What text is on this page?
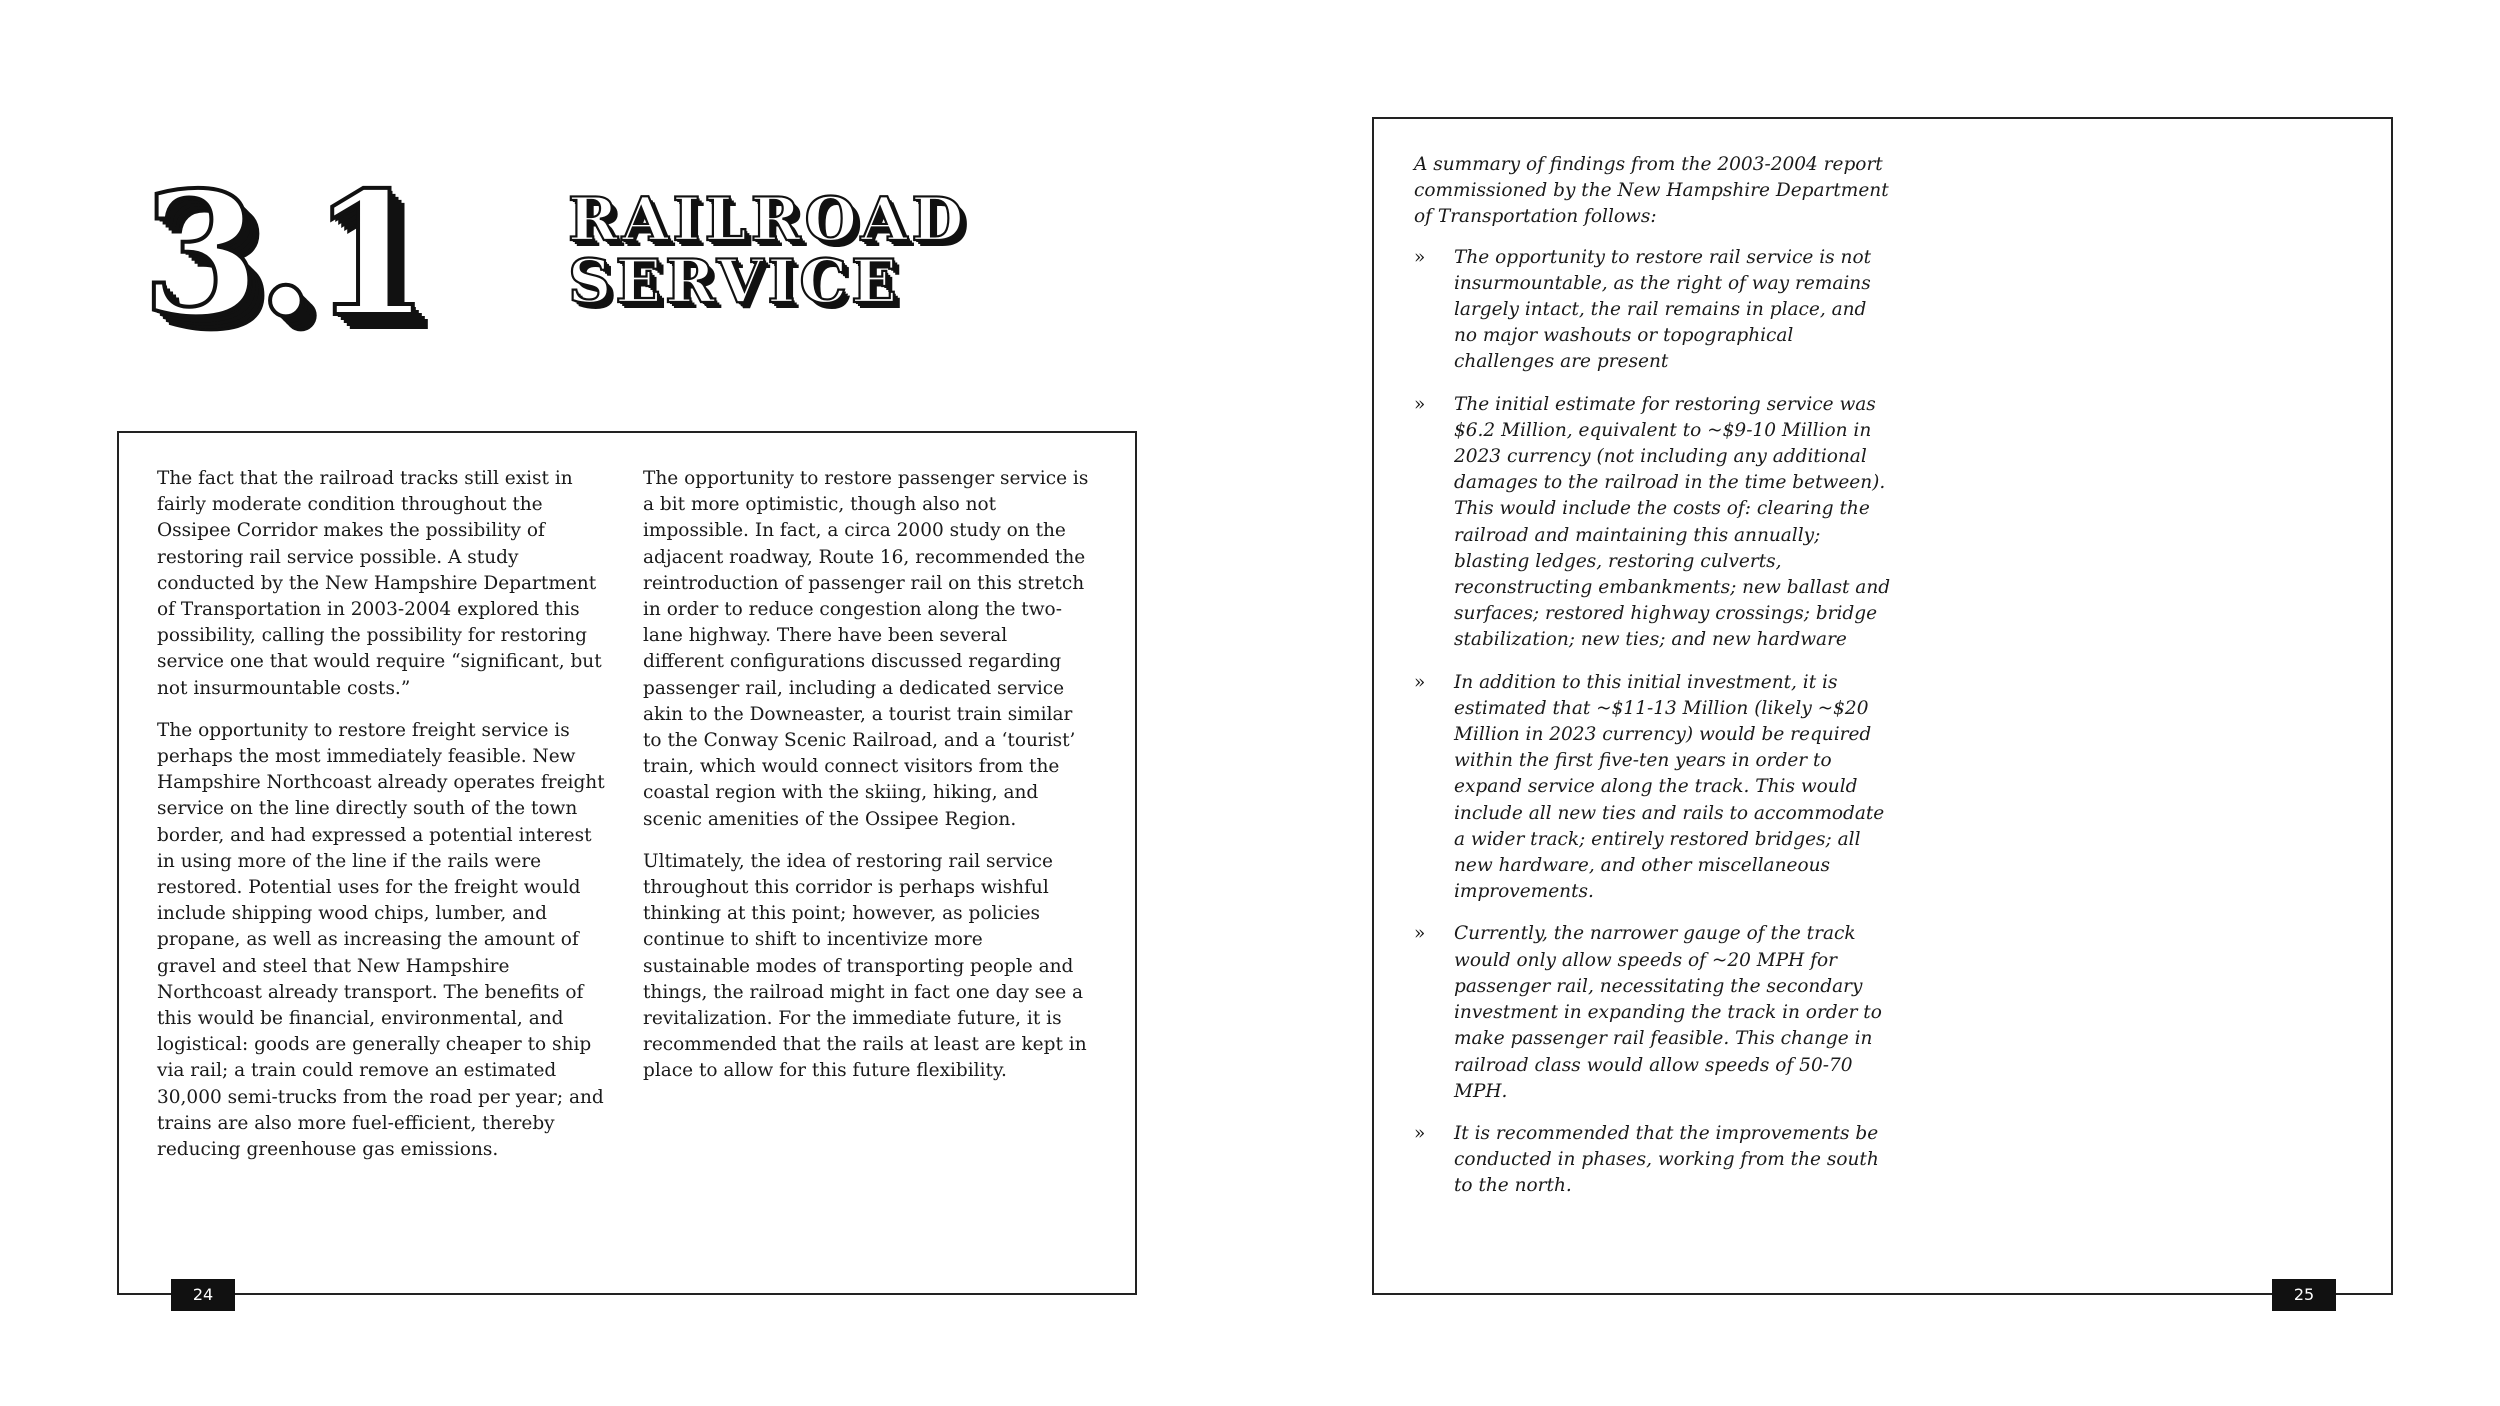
3.1 RAILROAD
SERVICE

The fact that the railroad tracks still exist in fairly moderate condition throughout the Ossipee Corridor makes the possibility of restoring rail service possible. A study conducted by the New Hampshire Department of Transportation in 2003-2004 explored this possibility, calling the possibility for restoring service one that would require “significant, but not insurmountable costs.”

The opportunity to restore freight service is perhaps the most immediately feasible. New Hampshire Northcoast already operates freight service on the line directly south of the town border, and had expressed a potential interest in using more of the line if the rails were restored. Potential uses for the freight would include shipping wood chips, lumber, and propane, as well as increasing the amount of gravel and steel that New Hampshire Northcoast already transport. The benefits of this would be financial, environmental, and logistical: goods are generally cheaper to ship via rail; a train could remove an estimated 30,000 semi-trucks from the road per year; and trains are also more fuel-efficient, thereby reducing greenhouse gas emissions.

The opportunity to restore passenger service is a bit more optimistic, though also not impossible. In fact, a circa 2000 study on the adjacent roadway, Route 16, recommended the reintroduction of passenger rail on this stretch in order to reduce congestion along the two-lane highway. There have been several different configurations discussed regarding passenger rail, including a dedicated service akin to the Downeaster, a tourist train similar to the Conway Scenic Railroad, and a ‘tourist’ train, which would connect visitors from the coastal region with the skiing, hiking, and scenic amenities of the Ossipee Region.

Ultimately, the idea of restoring rail service throughout this corridor is perhaps wishful thinking at this point; however, as policies continue to shift to incentivize more sustainable modes of transporting people and things, the railroad might in fact one day see a revitalization. For the immediate future, it is recommended that the rails at least are kept in place to allow for this future flexibility.

24

A summary of findings from the 2003-2004 report commissioned by the New Hampshire Department of Transportation follows:

» The opportunity to restore rail service is not insurmountable, as the right of way remains largely intact, the rail remains in place, and no major washouts or topographical challenges are present
» The initial estimate for restoring service was $6.2 Million, equivalent to ~$9-10 Million in 2023 currency (not including any additional damages to the railroad in the time between). This would include the costs of: clearing the railroad and maintaining this annually; blasting ledges, restoring culverts, reconstructing embankments; new ballast and surfaces; restored highway crossings; bridge stabilization; new ties; and new hardware
» In addition to this initial investment, it is estimated that ~$11-13 Million (likely ~$20 Million in 2023 currency) would be required within the first five-ten years in order to expand service along the track. This would include all new ties and rails to accommodate a wider track; entirely restored bridges; all new hardware, and other miscellaneous improvements.
» Currently, the narrower gauge of the track would only allow speeds of ~20 MPH for passenger rail, necessitating the secondary investment in expanding the track in order to make passenger rail feasible. This change in railroad class would allow speeds of 50-70 MPH.
» It is recommended that the improvements be conducted in phases, working from the south to the north.
25
